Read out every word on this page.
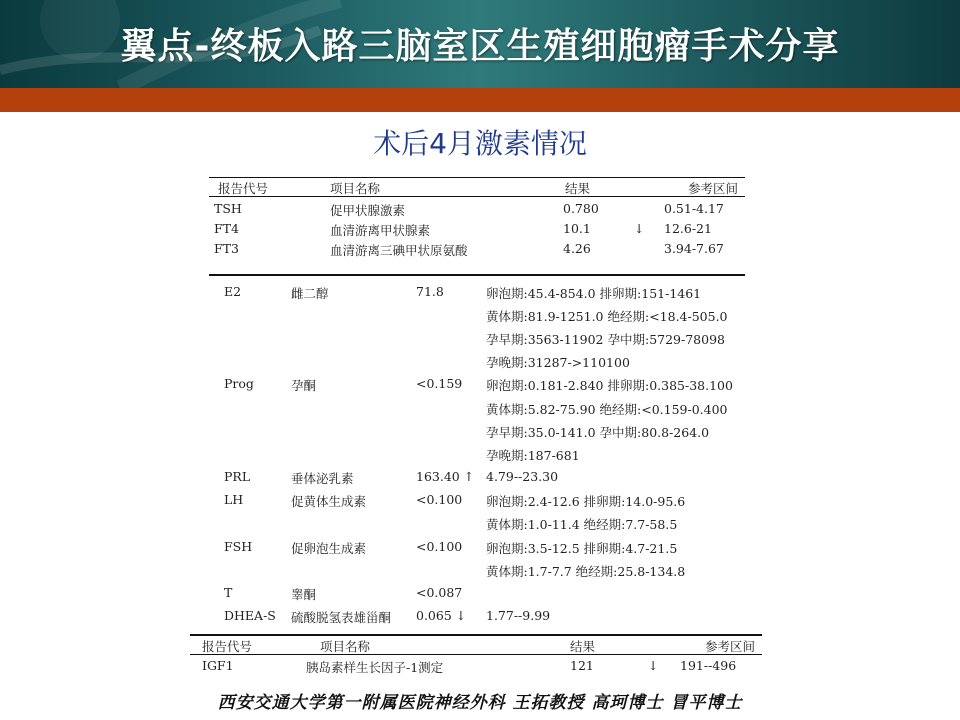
翼点-终板入路三脑室区生殖细胞瘤手术分享
术后4月激素情况
报告代号	项目名称	结果	参考区间
TSH	促甲状腺激素	0.780	0.51-4.17
FT4	血清游离甲状腺素	10.1	↓ 12.6-21
FT3	血清游离三碘甲状原氨酸	4.26	3.94-7.67
E2	雌二醇	71.8	卵泡期:45.4-854.0 排卵期:151-1461
黄体期:81.9-1251.0 绝经期:<18.4-505.0
孕早期:3563-11902 孕中期:5729-78098
孕晚期:31287->110100
Prog	孕酮	<0.159 卵泡期:0.181-2.840 排卵期:0.385-38.100
黄体期:5.82-75.90 绝经期:<0.159-0.400
孕早期:35.0-141.0 孕中期:80.8-264.0
孕晚期:187-681
PRL	垂体泌乳素	163.40 ↑ 4.79--23.30
LH	促黄体生成素	<0.100 卵泡期:2.4-12.6 排卵期:14.0-95.6
黄体期:1.0-11.4 绝经期:7.7-58.5
FSH	促卵泡生成素	<0.100 卵泡期:3.5-12.5 排卵期:4.7-21.5
黄体期:1.7-7.7 绝经期:25.8-134.8
T	睾酮	<0.087
DHEA-S 硫酸脱氢表雄甾酮 0.065 ↓ 1.77--9.99
报告代号	项目名称	结果	参考区间
IGF1	胰岛素样生长因子-1测定	121	↓ 191--496
西安交通大学第一附属医院神经外科 王拓教授 高珂博士 冒平博士
